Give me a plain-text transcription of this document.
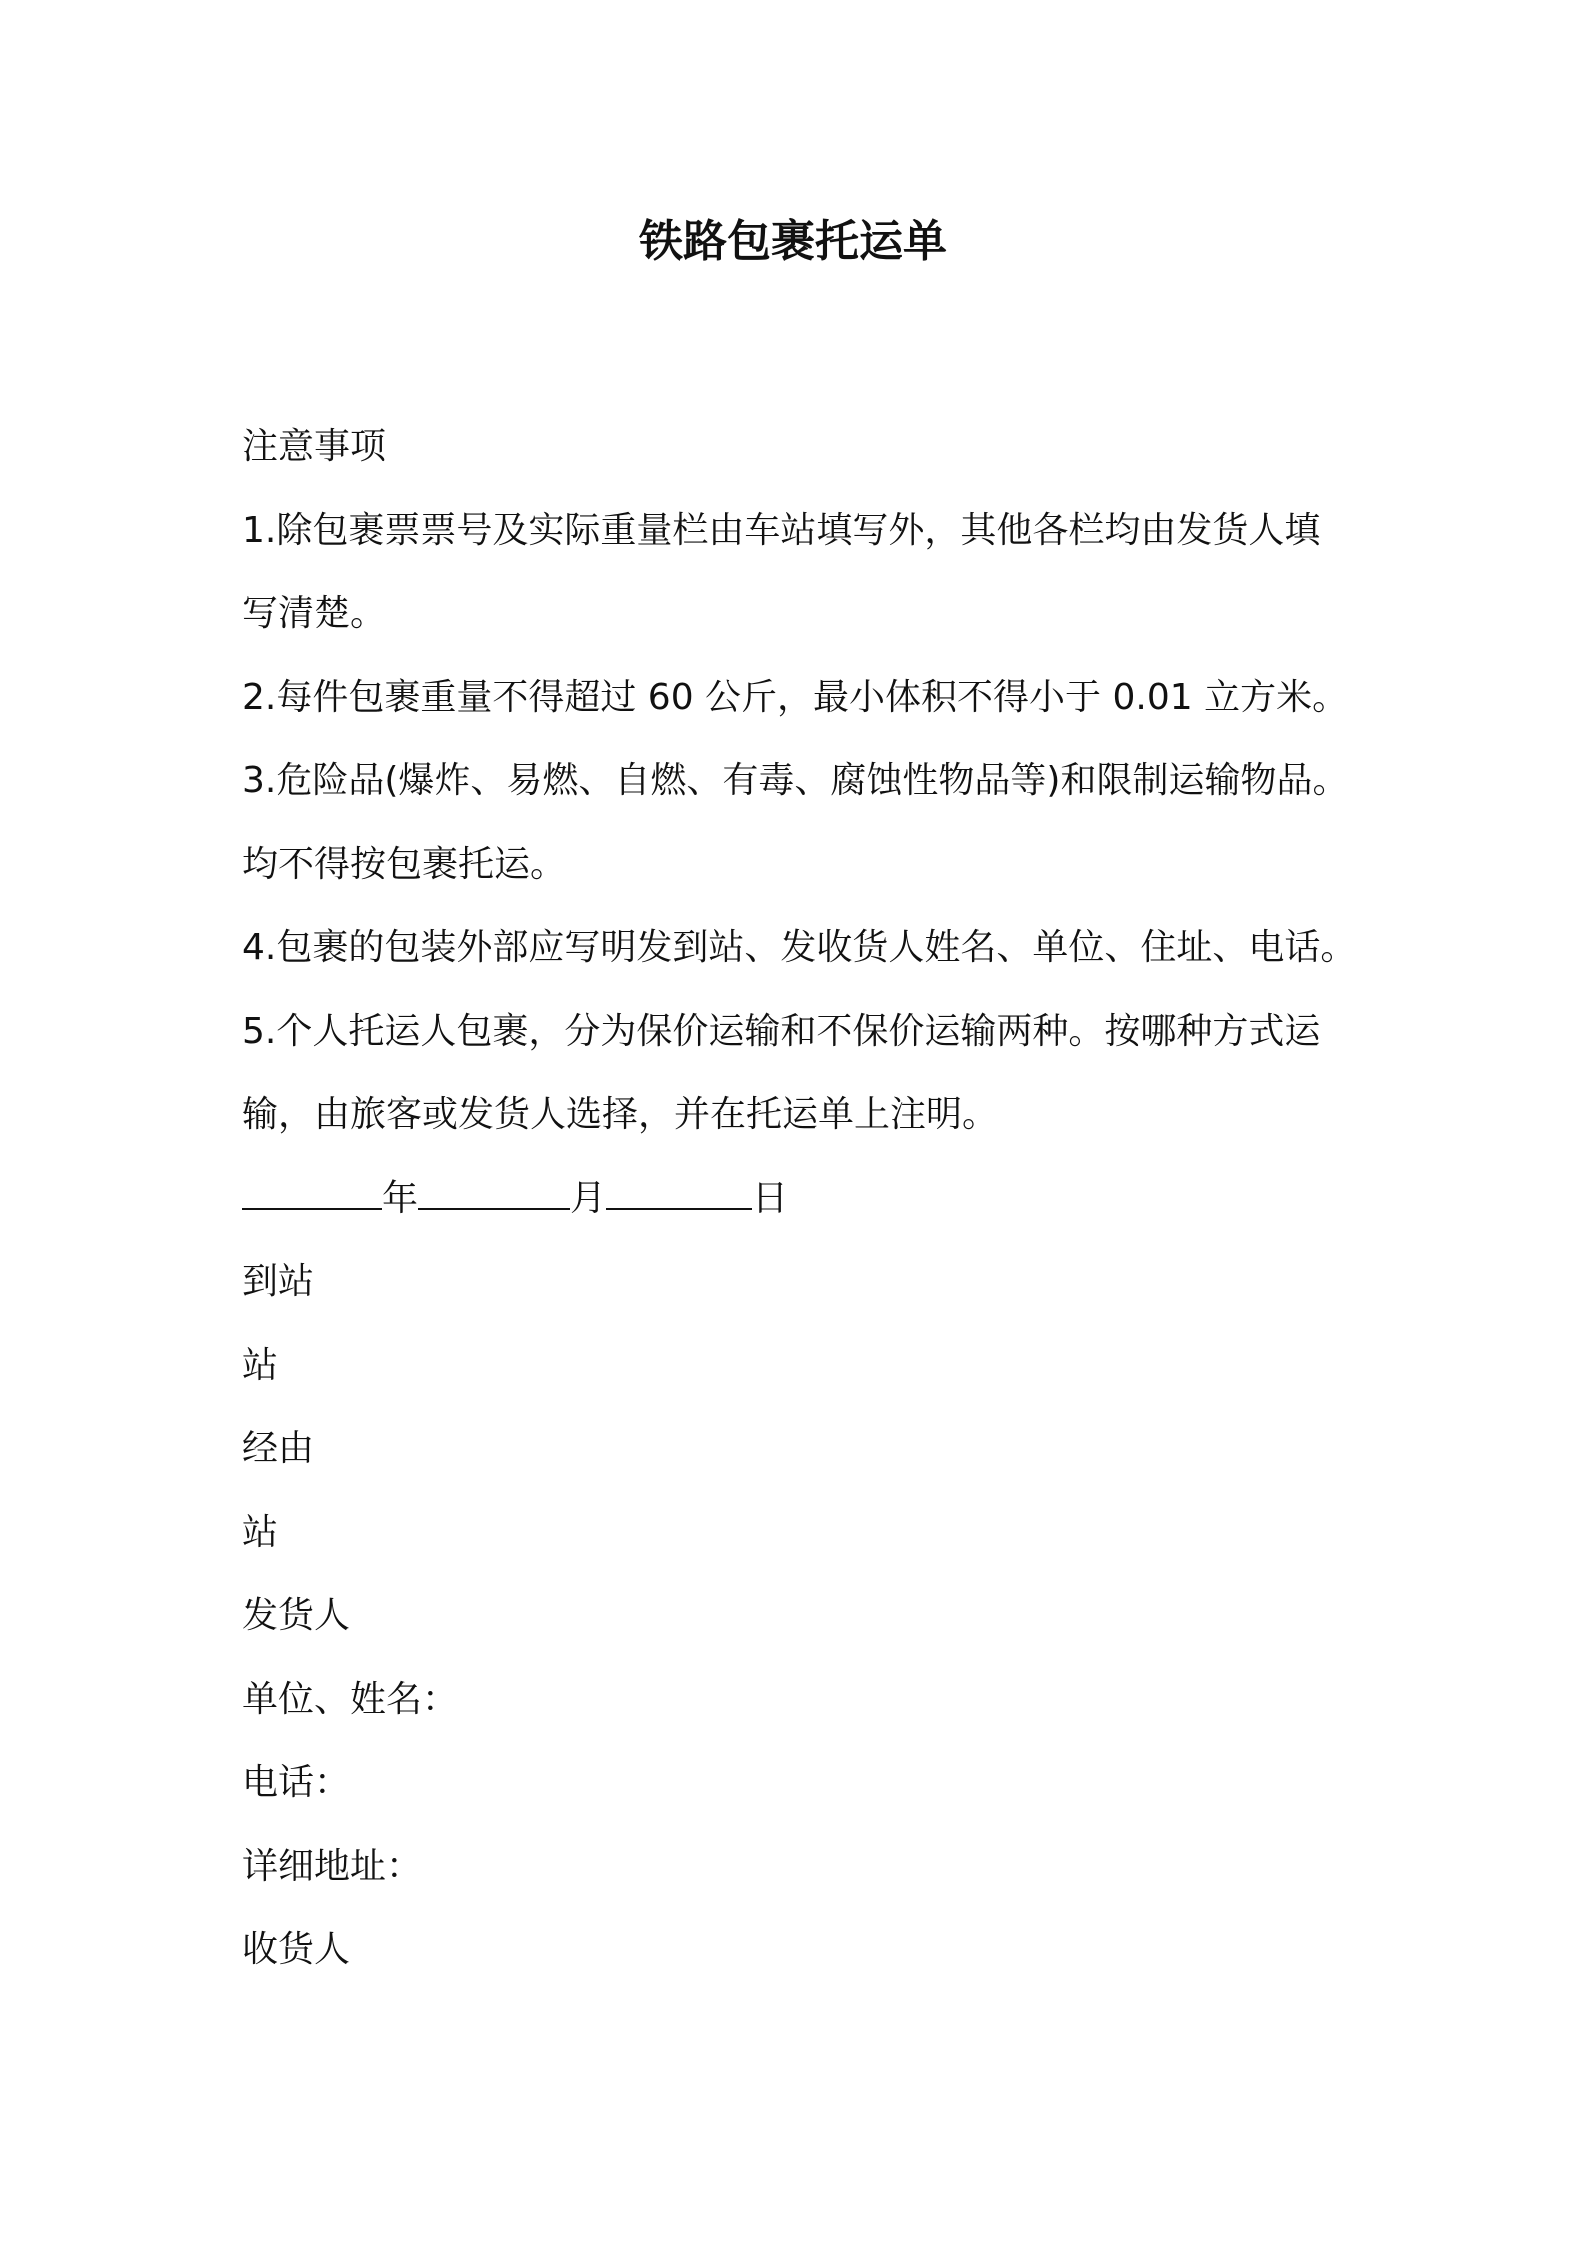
铁路包裹托运单

注意事项

1.除包裹票票号及实际重量栏由车站填写外，其他各栏均由发货人填

写清楚。

2.每件包裹重量不得超过 60 公斤，最小体积不得小于 0.01 立方米。

3.危险品(爆炸、易燃、自燃、有毒、腐蚀性物品等)和限制运输物品。

均不得按包裹托运。

4.包裹的包装外部应写明发到站、发收货人姓名、单位、住址、电话。

5.个人托运人包裹，分为保价运输和不保价运输两种。按哪种方式运

输，由旅客或发货人选择，并在托运单上注明。

年	月	日

到站

站

经由

站

发货人

单位、姓名：

电话：

详细地址：

收货人
